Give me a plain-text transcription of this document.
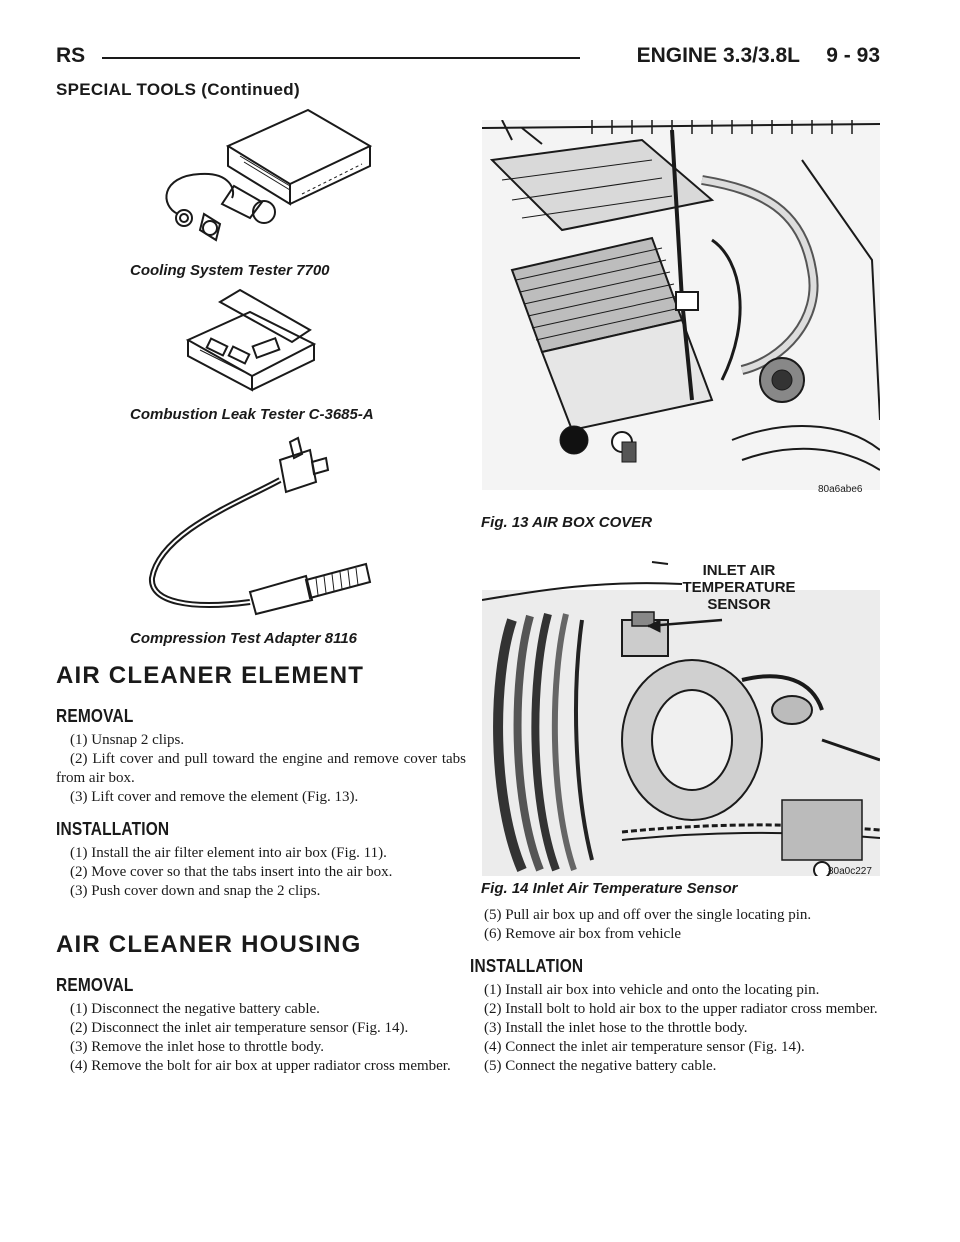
RS	ENGINE 3.3/3.8L 9 - 93
SPECIAL TOOLS (Continued)
Cooling System Tester 7700
Combustion Leak Tester C-3685-A
Compression Test Adapter 8116
80a6abe6
Fig. 13 AIR BOX COVER
INLET AIR
TEMPERATURE
SENSOR
80a0c227
Fig. 14 Inlet Air Temperature Sensor
AIR CLEANER ELEMENT
REMOVAL

(1) Unsnap 2 clips.

(2) Lift cover and pull toward the engine and remove cover tabs from air box.

(3) Lift cover and remove the element (Fig. 13).

INSTALLATION

(1) Install the air filter element into air box (Fig. 11).

(2) Move cover so that the tabs insert into the air box.

(3) Push cover down and snap the 2 clips.

AIR CLEANER HOUSING
REMOVAL

(1) Disconnect the negative battery cable.

(2) Disconnect the inlet air temperature sensor (Fig. 14).

(3) Remove the inlet hose to throttle body.

(4) Remove the bolt for air box at upper radiator cross member.

(5) Pull air box up and off over the single locating pin.

(6) Remove air box from vehicle

INSTALLATION

(1) Install air box into vehicle and onto the locating pin.

(2) Install bolt to hold air box to the upper radiator cross member.

(3) Install the inlet hose to the throttle body.

(4) Connect the inlet air temperature sensor (Fig. 14).

(5) Connect the negative battery cable.
